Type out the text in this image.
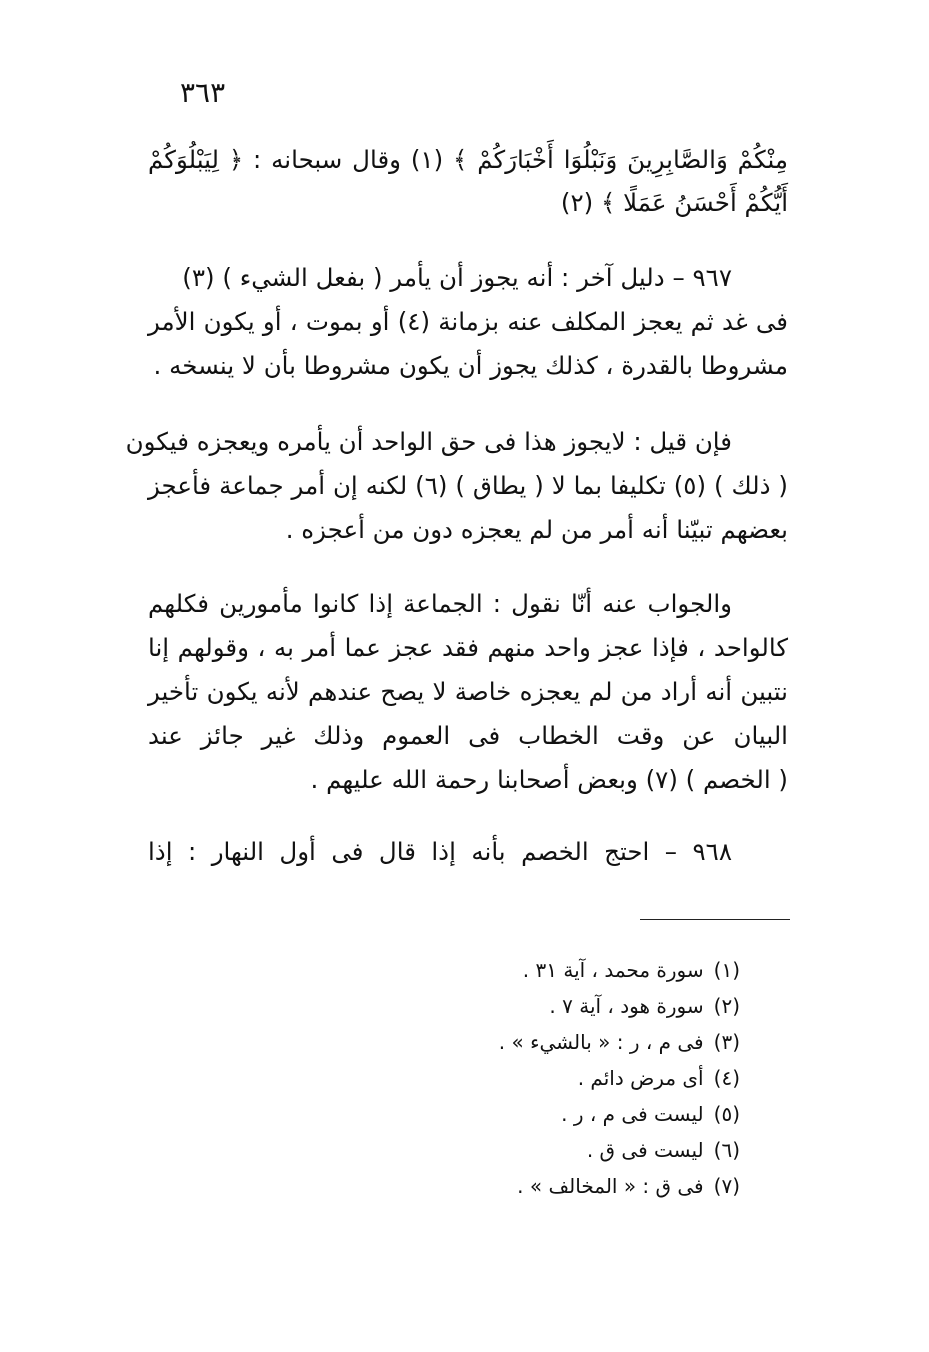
٣٦٣
مِنْكُمْ وَالصَّابِرِينَ وَنَبْلُوَا أَخْبَارَكُمْ ﴾ (١) وقال سبحانه : ﴿ لِيَبْلُوَكُمْ
أَيُّكُمْ أَحْسَنُ عَمَلًا ﴾ (٢)
٩٦٧ – دليل آخر : أنه يجوز أن يأمر ( بفعل الشيء ) (٣)
فى غد ثم يعجز المكلف عنه بزمانة (٤) أو بموت ، أو يكون الأمر
مشروطا بالقدرة ، كذلك يجوز أن يكون مشروطا بأن لا ينسخه .
فإن قيل : لايجوز هذا فى حق الواحد أن يأمره ويعجزه فيكون
( ذلك ) (٥) تكليفا بما لا ( يطاق ) (٦) لكنه إن أمر جماعة فأعجز
بعضهم تبيّنا أنه أمر من لم يعجزه دون من أعجزه .
والجواب عنه أنّا نقول : الجماعة إذا كانوا مأمورين فكلهم
كالواحد ، فإذا عجز واحد منهم فقد عجز عما أمر به ، وقولهم إنا
نتبين أنه أراد من لم يعجزه خاصة لا يصح عندهم لأنه يكون تأخير
البيان عن وقت الخطاب فى العموم وذلك غير جائز عند
( الخصم ) (٧) وبعض أصحابنا رحمة الله عليهم .
٩٦٨ – احتج الخصم بأنه إذا قال فى أول النهار : إذا
(١)سورة محمد ، آية ٣١ .
(٢)سورة هود ، آية ٧ .
(٣)فى م ، ر : « بالشيء » .
(٤)أى مرض دائم .
(٥)ليست فى م ، ر .
(٦)ليست فى ق .
(٧)فى ق : « المخالف » .
